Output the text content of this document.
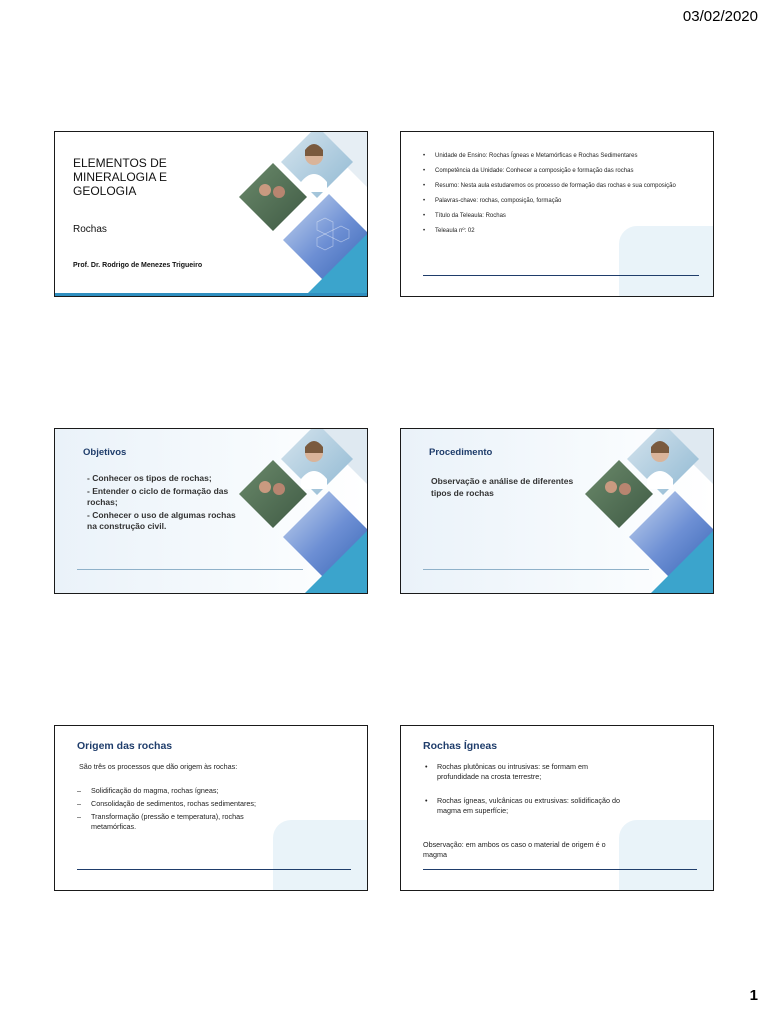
03/02/2020
ELEMENTOS DE
MINERALOGIA E
GEOLOGIA
Rochas
Prof. Dr. Rodrigo de Menezes Trigueiro
• Unidade de Ensino: Rochas Ígneas e Metamórficas e Rochas Sedimentares
• Competência da Unidade: Conhecer a composição e formação das rochas
• Resumo: Nesta aula estudaremos os processo de formação das rochas e sua composição
• Palavras-chave: rochas, composição, formação
• Título da Teleaula: Rochas
• Teleaula nº: 02
Objetivos
- Conhecer os tipos de rochas;
- Entender o ciclo de formação das rochas;
- Conhecer o uso de algumas rochas na construção civil.
Procedimento
Observação e análise de diferentes tipos de rochas
Origem das rochas
São três os processos que dão origem às rochas:
– Solidificação do magma, rochas ígneas;
– Consolidação de sedimentos, rochas sedimentares;
– Transformação (pressão e temperatura), rochas metamórficas.
Rochas Ígneas
• Rochas plutônicas ou intrusivas: se formam em profundidade na crosta terrestre;
• Rochas ígneas, vulcânicas ou extrusivas: solidificação do magma em superfície;
Observação: em ambos os caso o material de origem é o magma
1
